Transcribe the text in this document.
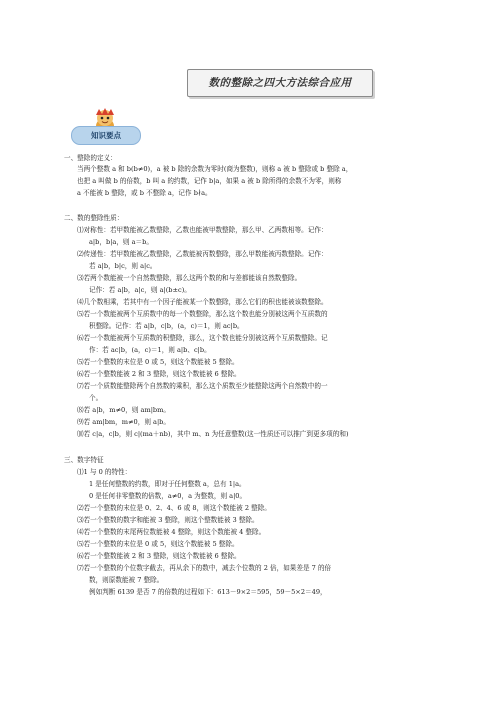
数的整除之四大方法综合应用
知识要点
一、整除的定义：
当两个整数 a 和 b(b≠0)，a 被 b 除的余数为零时(商为整数)，则称 a 被 b 整除或 b 整除 a，
也把 a 叫做 b 的倍数，b 叫 a 的约数，记作 b|a，如果 a 被 b 除所得的余数不为零，则称
a 不能被 b 整除，或 b 不整除 a，记作 b∤a。
二、数的整除性质：
⑴对称性：若甲数能被乙数整除，乙数也能被甲数整除，那么甲、乙两数相等。记作：
a|b，b|a，则 a＝b。
⑵传递性：若甲数能被乙数整除，乙数能被丙数整除，那么甲数能被丙数整除。记作：
若 a|b，b|c，则 a|c。
⑶若两个数能被一个自然数整除，那么这两个数的和与差都能该自然数整除。
记作：若 a|b，a|c，则 a|(b±c)。
⑷几个数相乘，若其中有一个因子能被某一个数整除，那么它们的积也能被该数整除。
⑸若一个数能被两个互质数中的每一个数整除，那么这个数也能分别被这两个互质数的
积整除。记作：若 a|b，c|b，(a，c)＝1，则 ac|b。
⑹若一个数能被两个互质数的积整除，那么，这个数也能分别被这两个互质数整除。记
作：若 ac|b，(a，c)＝1，则 a|b、c|b。
⑸若一个整数的末位是 0 或 5，则这个数能被 5 整除。
⑹若一个整数能被 2 和 3 整除，则这个数能被 6 整除。
⑺若一个质数能整除两个自然数的乘积，那么这个质数至少能整除这两个自然数中的一
个。
⑻若 a|b，m≠0，则 am|bm。
⑼若 am|bm，m≠0，则 a|b。
⑽若 c|a，c|b，则 c|(ma＋nb)，其中 m、n 为任意整数(这一性质还可以推广到更多项的和)
三、数字特征
⑴1 与 0 的特性：
1 是任何整数的约数，即对于任何整数 a，总有 1|a。
0 是任何非零整数的倍数，a≠0，a 为整数，则 a|0。
⑵若一个整数的末位是 0、2、4、6 或 8，则这个数能被 2 整除。
⑶若一个整数的数字和能被 3 整除，则这个整数能被 3 整除。
⑷若一个整数的末尾两位数能被 4 整除，则这个数能被 4 整除。
⑸若一个整数的末位是 0 或 5，则这个数能被 5 整除。
⑹若一个整数能被 2 和 3 整除，则这个数能被 6 整除。
⑺若一个整数的个位数字截去，再从余下的数中，减去个位数的 2 倍，如果差是 7 的倍
数，则原数能被 7 整除。
例如判断 6139 是否 7 的倍数的过程如下：613－9×2＝595，59－5×2＝49，
